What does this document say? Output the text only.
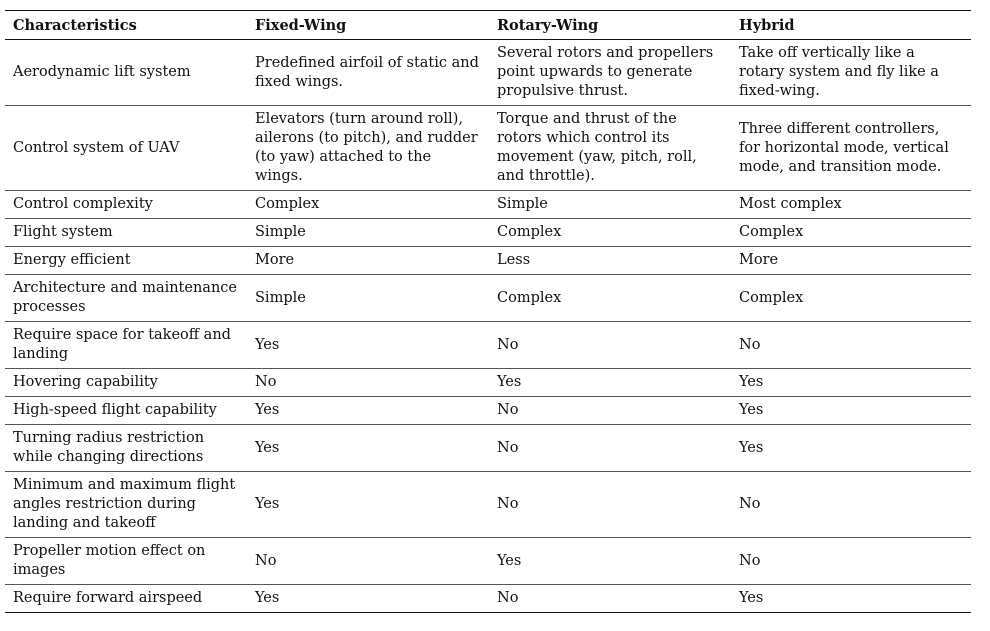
Characteristics	Fixed-Wing	Rotary-Wing	Hybrid
Aerodynamic lift system	Predefined airfoil of static and fixed wings.	Several rotors and propellers point upwards to generate propulsive thrust.	Take off vertically like a rotary system and fly like a fixed-wing.
Control system of UAV	Elevators (turn around roll), ailerons (to pitch), and rudder (to yaw) attached to the wings.	Torque and thrust of the rotors which control its movement (yaw, pitch, roll, and throttle).	Three different controllers, for horizontal mode, vertical mode, and transition mode.
Control complexity	Complex	Simple	Most complex
Flight system	Simple	Complex	Complex
Energy efficient	More	Less	More
Architecture and maintenance processes	Simple	Complex	Complex
Require space for takeoff and landing	Yes	No	No
Hovering capability	No	Yes	Yes
High-speed flight capability	Yes	No	Yes
Turning radius restriction while changing directions	Yes	No	Yes
Minimum and maximum flight angles restriction during landing and takeoff	Yes	No	No
Propeller motion effect on images	No	Yes	No
Require forward airspeed	Yes	No	Yes
